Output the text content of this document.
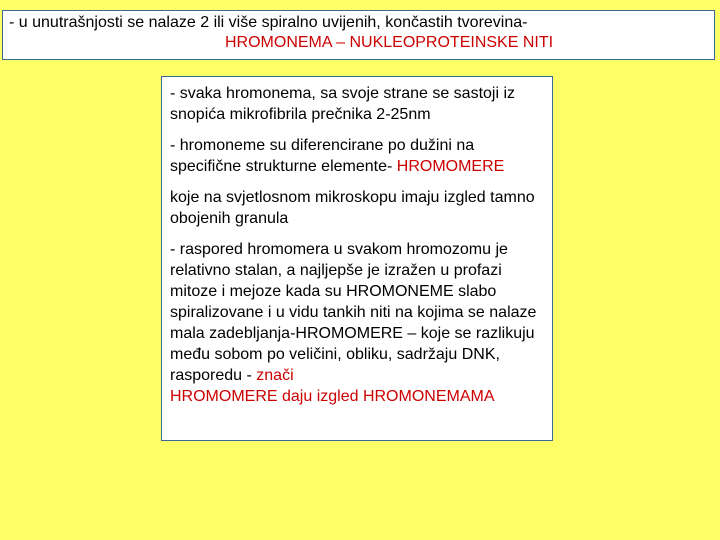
- u unutrašnjosti se nalaze 2 ili više spiralno uvijenih, končastih tvorevina-
HROMONEMA – NUKLEOPROTEINSKE NITI

- svaka hromonema, sa svoje strane se sastoji iz snopića mikrofibrila prečnika 2-25nm

- hromoneme su diferencirane po dužini na specifične strukturne elemente- HROMOMERE

koje na svjetlosnom mikroskopu imaju izgled tamno obojenih granula

- raspored hromomera u svakom hromozomu je relativno stalan, a najljepše je izražen u profazi mitoze i mejoze kada su HROMONEME slabo spiralizovane i u vidu tankih niti na kojima se nalaze mala zadebljanja-HROMOMERE – koje se razlikuju među sobom po veličini, obliku, sadržaju DNK, rasporedu - znači
HROMOMERE daju izgled HROMONEMAMA
